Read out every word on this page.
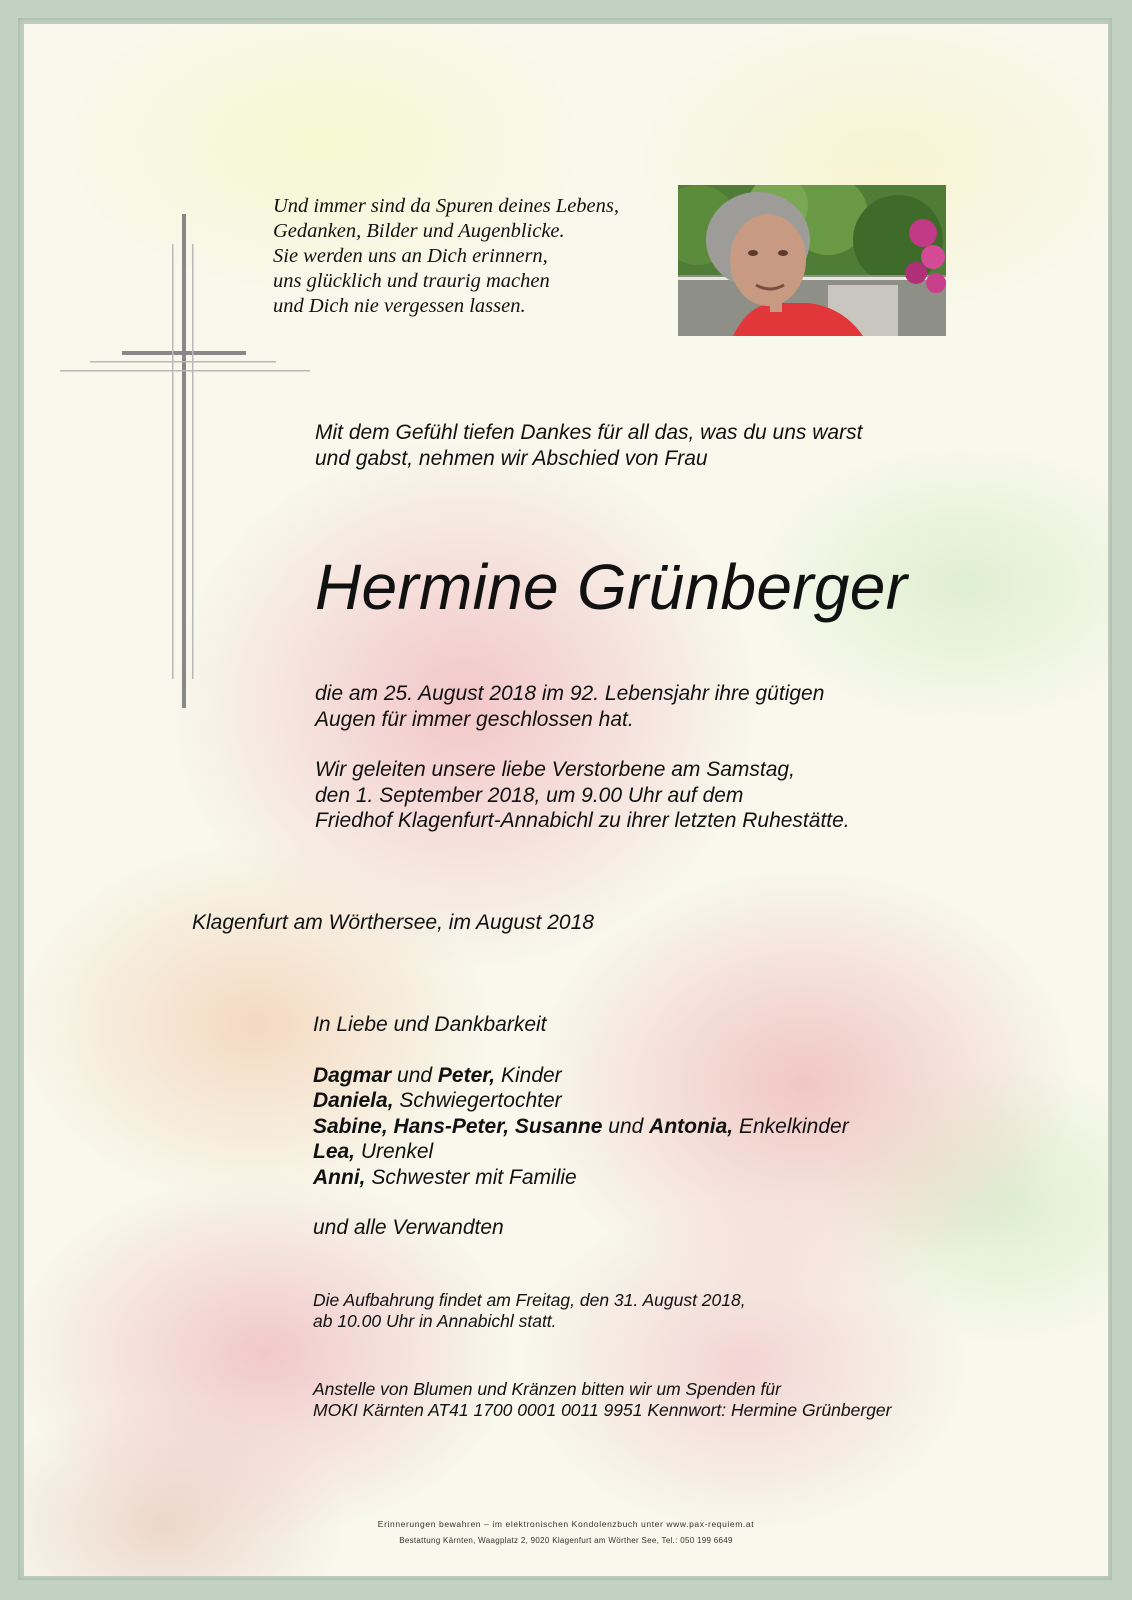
Und immer sind da Spuren deines Lebens,
Gedanken, Bilder und Augenblicke.
Sie werden uns an Dich erinnern,
uns glücklich und traurig machen
und Dich nie vergessen lassen.
Mit dem Gefühl tiefen Dankes für all das, was du uns warst
und gabst, nehmen wir Abschied von Frau
Hermine Grünberger
die am 25. August 2018 im 92. Lebensjahr ihre gütigen
Augen für immer geschlossen hat.
Wir geleiten unsere liebe Verstorbene am Samstag,
den 1. September 2018, um 9.00 Uhr auf dem
Friedhof Klagenfurt-Annabichl zu ihrer letzten Ruhestätte.
Klagenfurt am Wörthersee, im August 2018
In Liebe und Dankbarkeit
Dagmar und Peter, Kinder
Daniela, Schwiegertochter
Sabine, Hans-Peter, Susanne und Antonia, Enkelkinder
Lea, Urenkel
Anni, Schwester mit Familie
und alle Verwandten
Die Aufbahrung findet am Freitag, den 31. August 2018,
ab 10.00 Uhr in Annabichl statt.
Anstelle von Blumen und Kränzen bitten wir um Spenden für
MOKI Kärnten AT41 1700 0001 0011 9951 Kennwort: Hermine Grünberger
Erinnerungen bewahren – im elektronischen Kondolenzbuch unter www.pax-requiem.at
Bestattung Kärnten, Waagplatz 2, 9020 Klagenfurt am Wörther See, Tel.: 050 199 6649
